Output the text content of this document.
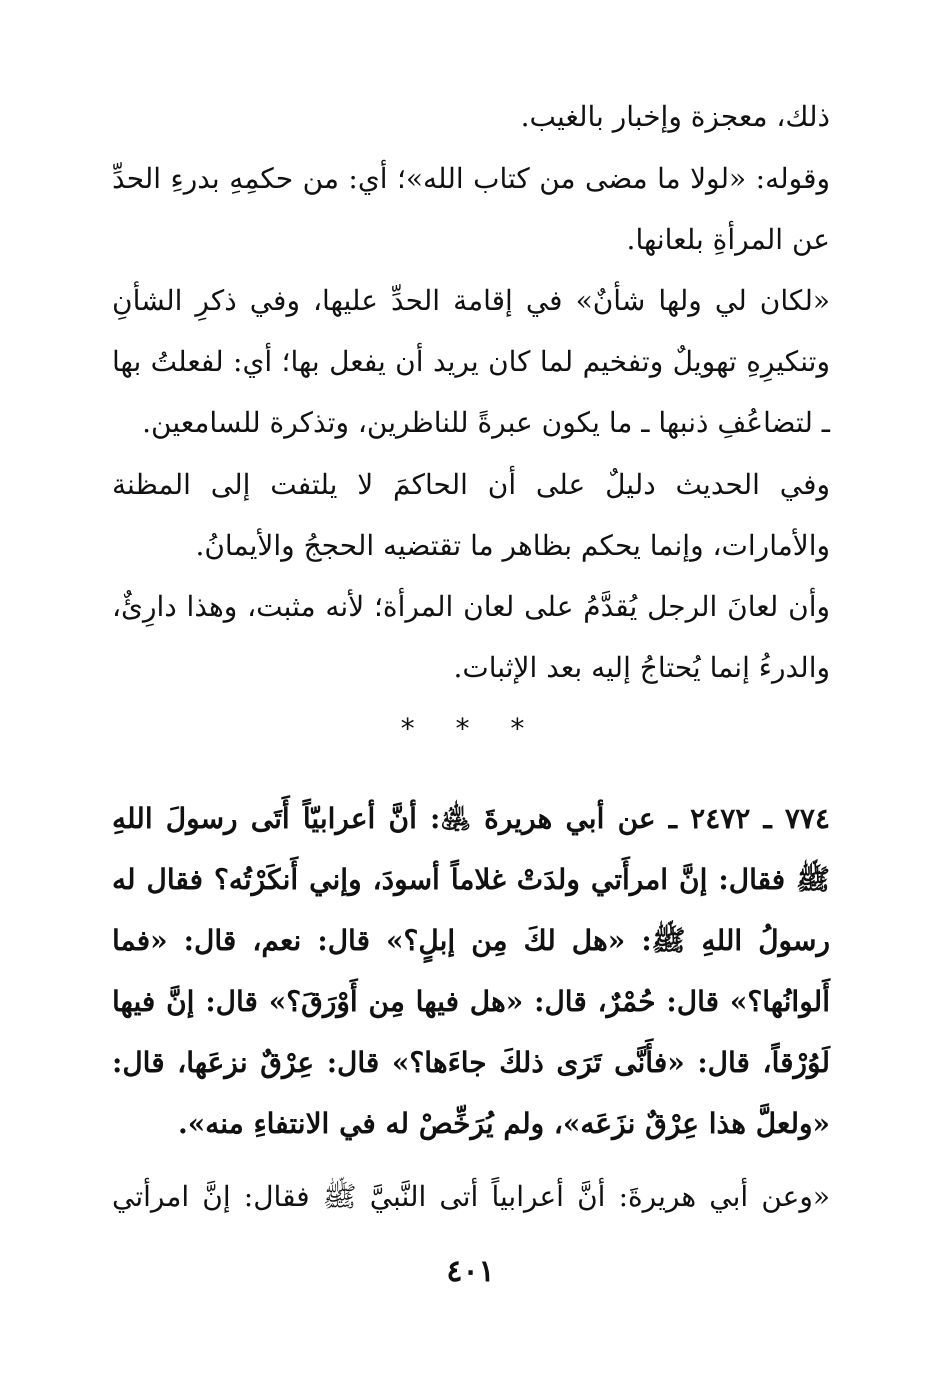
ذلك، معجزة وإخبار بالغيب.

وقوله: «لولا ما مضى من كتاب الله»؛ أي: من حكمِهِ بدرءِ الحدِّ عن المرأةِ بلعانها.

«لكان لي ولها شأنٌ» في إقامة الحدِّ عليها، وفي ذكرِ الشأنِ وتنكيرِهِ تهويلٌ وتفخيم لما كان يريد أن يفعل بها؛ أي: لفعلتُ بها ـ لتضاعُفِ ذنبها ـ ما يكون عبرةً للناظرين، وتذكرة للسامعين.

وفي الحديث دليلٌ على أن الحاكمَ لا يلتفت إلى المظنة والأمارات، وإنما يحكم بظاهر ما تقتضيه الحججُ والأيمانُ.

وأن لعانَ الرجل يُقدَّمُ على لعان المرأة؛ لأنه مثبت، وهذا دارِئٌ، والدرءُ إنما يُحتاجُ إليه بعد الإثبات.

* * *

٧٧٤ ـ ٢٤٧٢ ـ عن أبي هريرةَ ﵁: أنَّ أعرابيّاً أَتَى رسولَ اللهِ ﷺ فقال: إنَّ امرأَتي ولدَتْ غلاماً أسودَ، وإني أَنكَرْتُه؟ فقال له رسولُ اللهِ ﷺ: «هل لكَ مِن إبلٍ؟» قال: نعم، قال: «فما أَلوانُها؟» قال: حُمْرٌ، قال: «هل فيها مِن أَوْرَقَ؟» قال: إنَّ فيها لَوُرْقاً، قال: «فأَنَّى تَرَى ذلكَ جاءَها؟» قال: عِرْقٌ نزعَها، قال: «ولعلَّ هذا عِرْقٌ نزَعَه»، ولم يُرَخِّصْ له في الانتفاءِ منه».

«وعن أبي هريرةَ: أنَّ أعرابياً أتى النَّبيَّ ﷺ فقال: إنَّ امرأتي

٤٠١
